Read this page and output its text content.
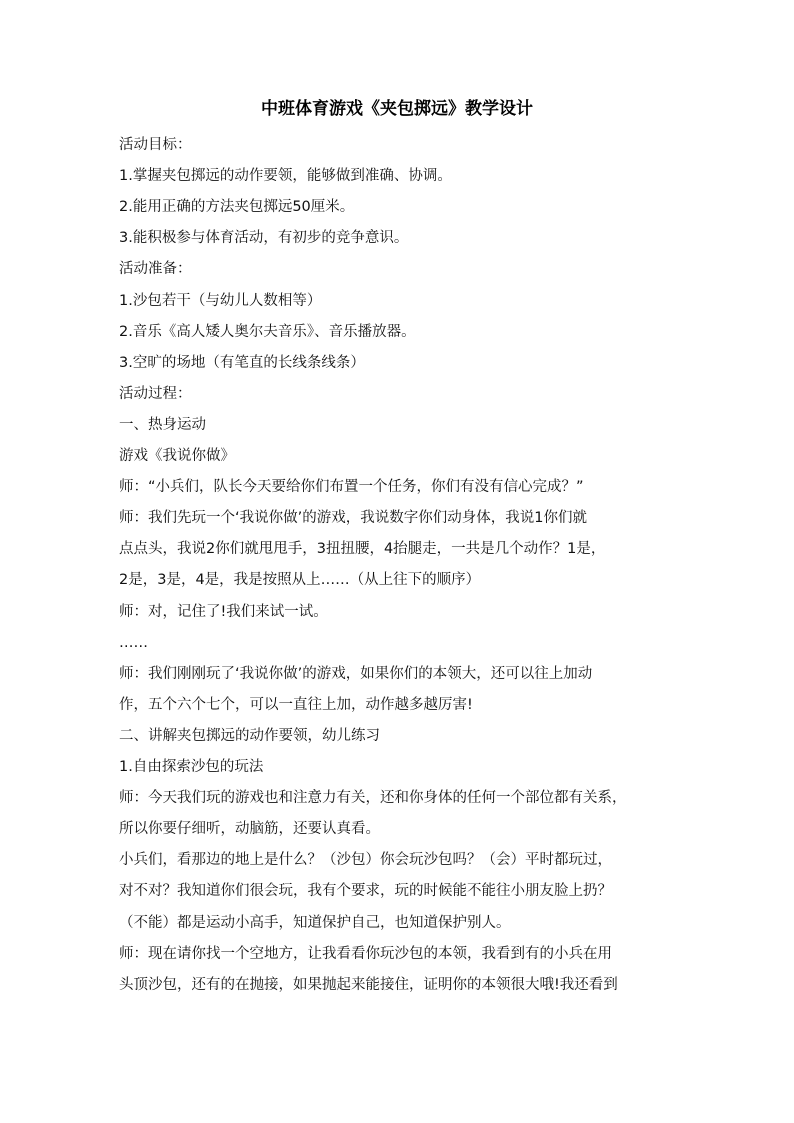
中班体育游戏《夹包掷远》教学设计
活动目标：
1.掌握夹包掷远的动作要领，能够做到准确、协调。
2.能用正确的方法夹包掷远50厘米。
3.能积极参与体育活动，有初步的竞争意识。
活动准备：
1.沙包若干（与幼儿人数相等）
2.音乐《高人矮人奥尔夫音乐》、音乐播放器。
3.空旷的场地（有笔直的长线条线条）
活动过程：
一、热身运动
游戏《我说你做》
师：“小兵们，队长今天要给你们布置一个任务，你们有没有信心完成？”
师：我们先玩一个‘我说你做’的游戏，我说数字你们动身体，我说1你们就
点点头，我说2你们就甩甩手，3扭扭腰，4抬腿走，一共是几个动作？1是，
2是，3是，4是，我是按照从上……（从上往下的顺序）
师：对，记住了!我们来试一试。
……
师：我们刚刚玩了‘我说你做’的游戏，如果你们的本领大，还可以往上加动
作，五个六个七个，可以一直往上加，动作越多越厉害!
二、讲解夹包掷远的动作要领，幼儿练习
1.自由探索沙包的玩法
师：今天我们玩的游戏也和注意力有关，还和你身体的任何一个部位都有关系，
所以你要仔细听，动脑筋，还要认真看。
小兵们，看那边的地上是什么？（沙包）你会玩沙包吗？（会）平时都玩过，
对不对？我知道你们很会玩，我有个要求，玩的时候能不能往小朋友脸上扔？
（不能）都是运动小高手，知道保护自己，也知道保护别人。
师：现在请你找一个空地方，让我看看你玩沙包的本领，我看到有的小兵在用
头顶沙包，还有的在抛接，如果抛起来能接住，证明你的本领很大哦!我还看到
